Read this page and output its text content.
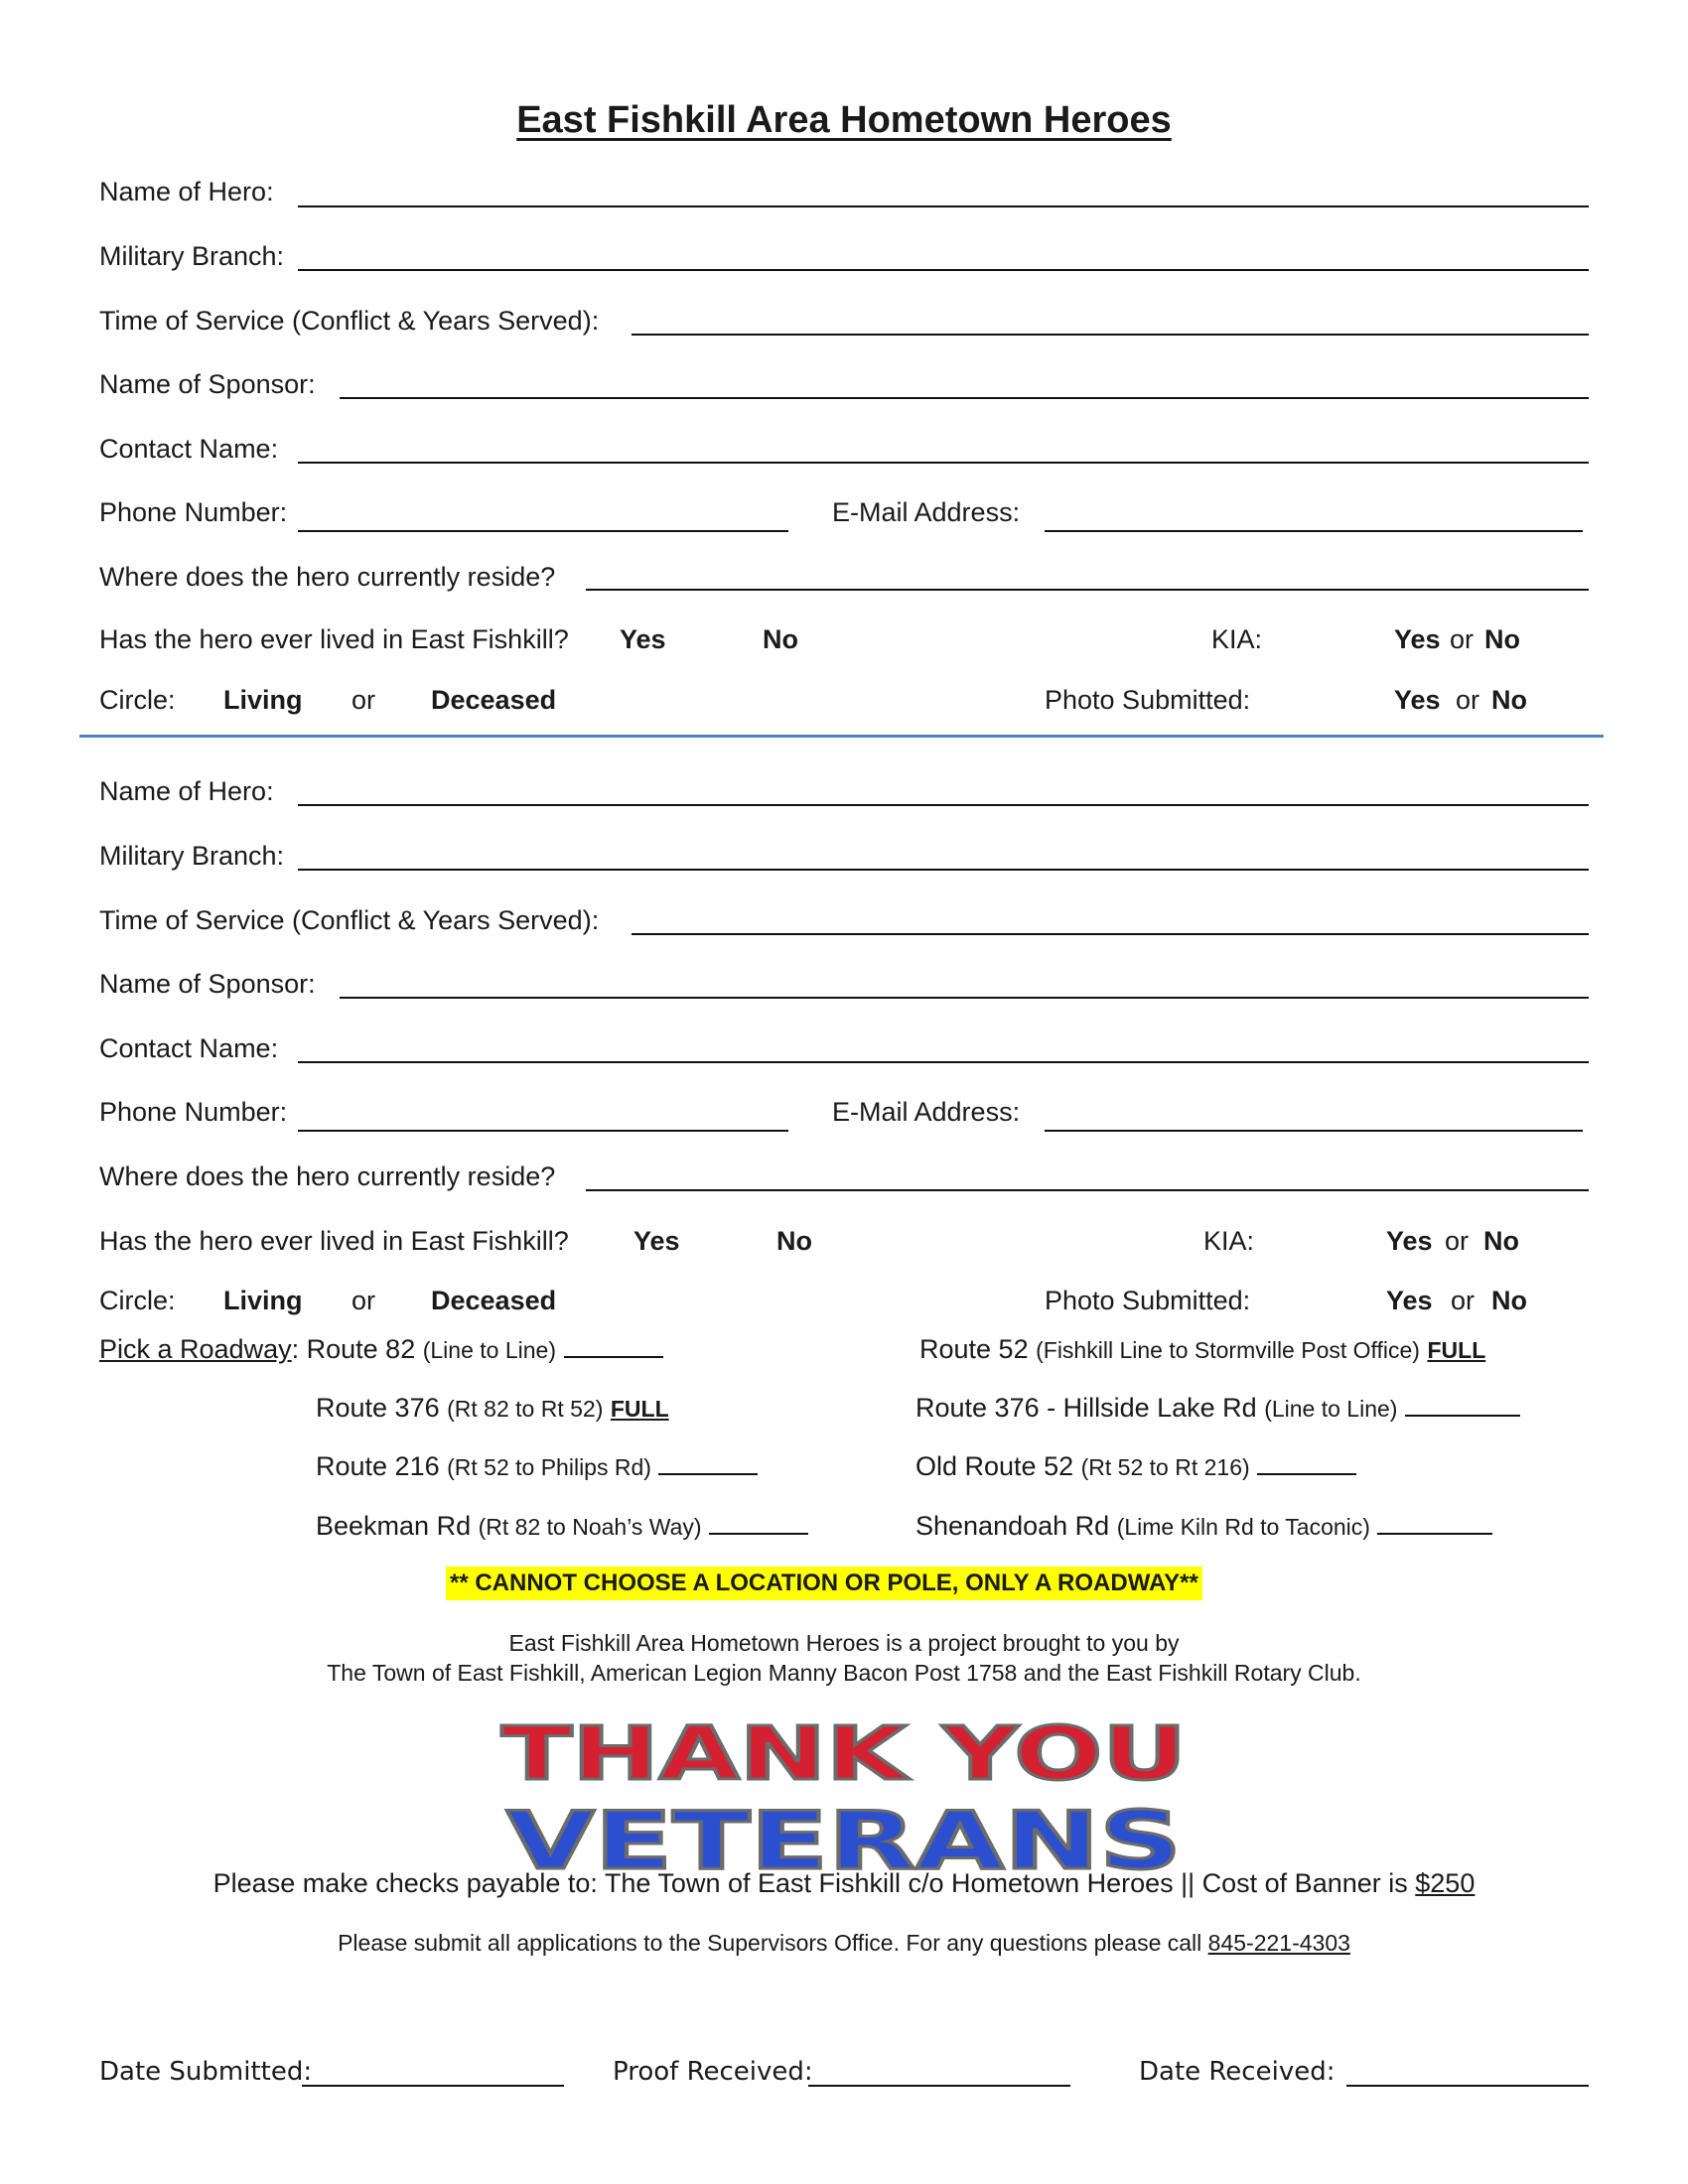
East Fishkill Area Hometown Heroes
Name of Hero:
Military Branch:
Time of Service (Conflict & Years Served):
Name of Sponsor:
Contact Name:
Phone Number:	E-Mail Address:
Where does the hero currently reside?
Has the hero ever lived in East Fishkill? Yes	No	KIA:	Yes or No
Circle: Living or Deceased	Photo Submitted:	Yes or No
Name of Hero:
Military Branch:
Time of Service (Conflict & Years Served):
Name of Sponsor:
Contact Name:
Phone Number:	E-Mail Address:
Where does the hero currently reside?
Has the hero ever lived in East Fishkill? Yes	No	KIA:	Yes or No
Circle: Living or Deceased	Photo Submitted:	Yes or No
Pick a Roadway: Route 82 (Line to Line)	Route 52 (Fishkill Line to Stormville Post Office) FULL
Route 376 (Rt 82 to Rt 52) FULL	Route 376 - Hillside Lake Rd (Line to Line)
Route 216 (Rt 52 to Philips Rd)	Old Route 52 (Rt 52 to Rt 216)
Beekman Rd (Rt 82 to Noah’s Way)	Shenandoah Rd (Lime Kiln Rd to Taconic)
** CANNOT CHOOSE A LOCATION OR POLE, ONLY A ROADWAY**
East Fishkill Area Hometown Heroes is a project brought to you by
The Town of East Fishkill, American Legion Manny Bacon Post 1758 and the East Fishkill Rotary Club.
THANK YOU
VETERANS
Please make checks payable to: The Town of East Fishkill c/o Hometown Heroes || Cost of Banner is $250
Please submit all applications to the Supervisors Office. For any questions please call 845-221-4303
Date Submitted:	Proof Received:	Date Received:
